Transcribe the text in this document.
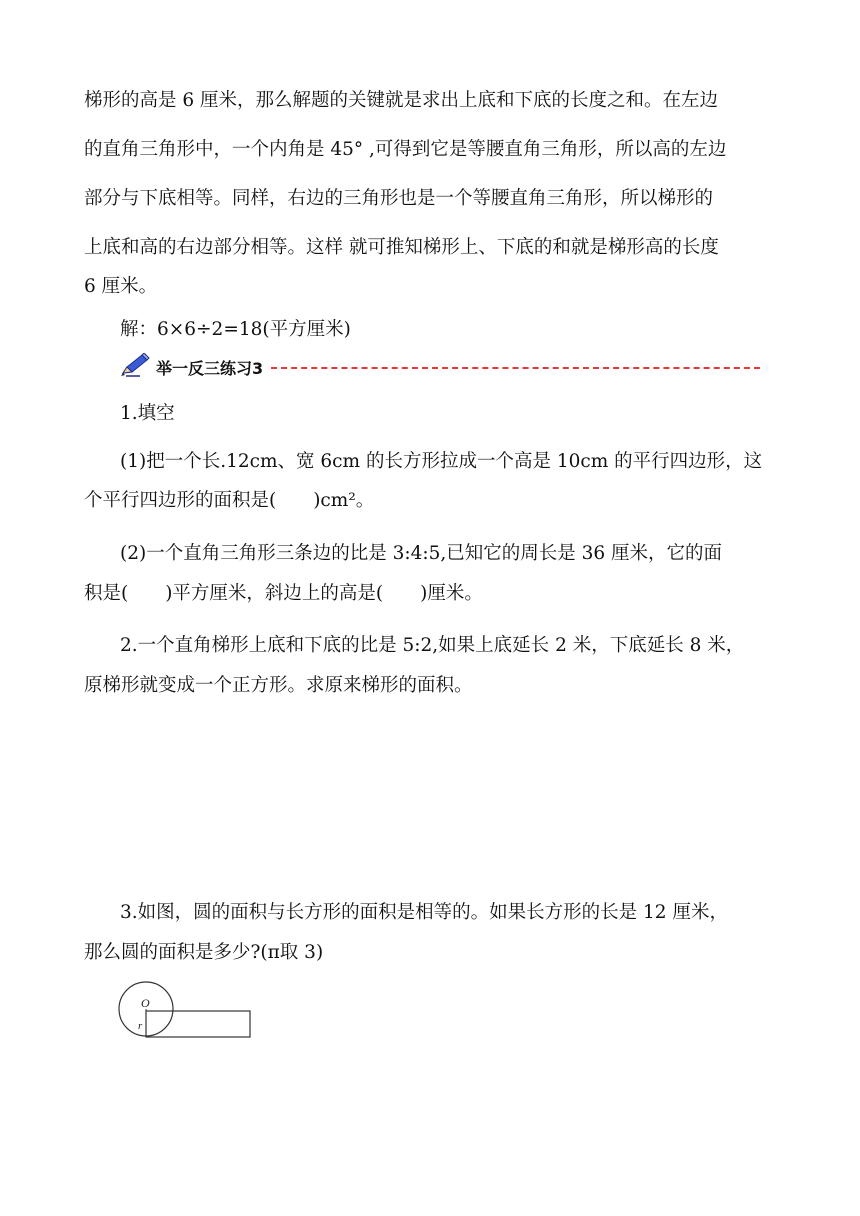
梯形的高是 6 厘米，那么解题的关键就是求出上底和下底的长度之和。在左边

的直角三角形中，一个内角是 45° ,可得到它是等腰直角三角形，所以高的左边

部分与下底相等。同样，右边的三角形也是一个等腰直角三角形，所以梯形的

上底和高的右边部分相等。这样 就可推知梯形上、下底的和就是梯形高的长度

6 厘米。

解：6×6÷2=18(平方厘米)

举一反三练习3

1.填空

(1)把一个长.12cm、宽 6cm 的长方形拉成一个高是 10cm 的平行四边形，这

个平行四边形的面积是(　　)cm²。

(2)一个直角三角形三条边的比是 3:4:5,已知它的周长是 36 厘米，它的面

积是(　　)平方厘米，斜边上的高是(　　)厘米。

2.一个直角梯形上底和下底的比是 5:2,如果上底延长 2 米，下底延长 8 米，

原梯形就变成一个正方形。求原来梯形的面积。

3.如图，圆的面积与长方形的面积是相等的。如果长方形的长是 12 厘米，

那么圆的面积是多少?(π取 3)

O
r
